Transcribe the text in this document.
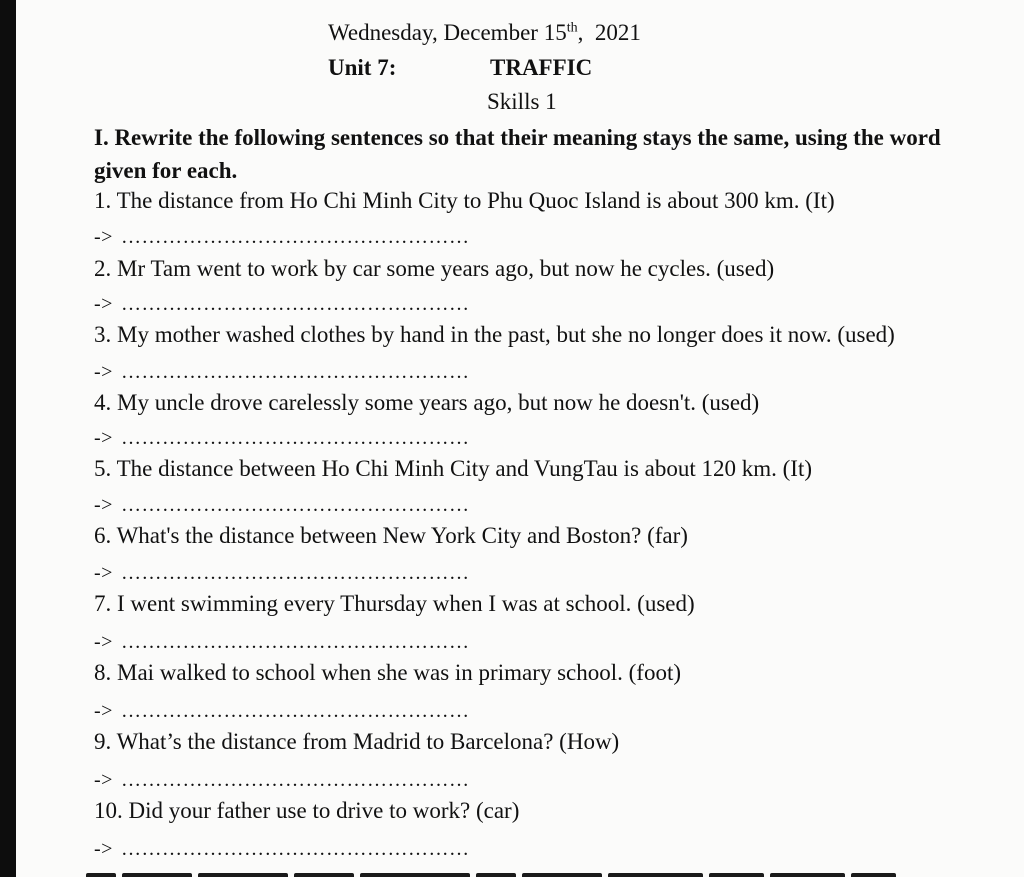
Wednesday, December 15th,  2021
Unit 7:	TRAFFIC
Skills 1
I. Rewrite the following sentences so that their meaning stays the same, using the word given for each.
1. The distance from Ho Chi Minh City to Phu Quoc Island is about 300 km. (It)
-> ……………………………………………
2. Mr Tam went to work by car some years ago, but now he cycles. (used)
-> ……………………………………………
3. My mother washed clothes by hand in the past, but she no longer does it now. (used)
-> ……………………………………………
4. My uncle drove carelessly some years ago, but now he doesn't. (used)
-> ……………………………………………
5. The distance between Ho Chi Minh City and VungTau is about 120 km. (It)
-> ……………………………………………
6. What's the distance between New York City and Boston? (far)
-> ……………………………………………
7. I went swimming every Thursday when I was at school. (used)
-> ……………………………………………
8. Mai walked to school when she was in primary school. (foot)
-> ……………………………………………
9. What’s the distance from Madrid to Barcelona? (How)
-> ……………………………………………
10. Did your father use to drive to work? (car)
-> ……………………………………………
